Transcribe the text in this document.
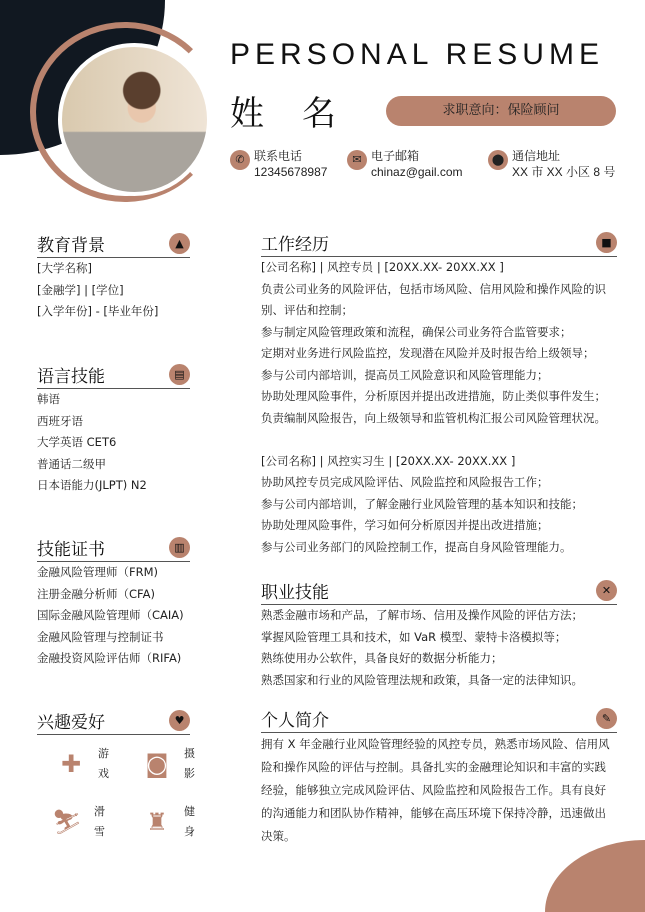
PERSONAL RESUME
姓名	求职意向：保险顾问
✆ 联系电话
12345678987
✉ 电子邮箱
chinaz@gail.com
⬤ 通信地址
XX 市 XX 小区 8 号
教育背景	▲
[大学名称]
[金融学] | [学位]
[入学年份] - [毕业年份]
语言技能	▤
韩语
西班牙语
大学英语 CET6
普通话二级甲
日本语能力(JLPT) N2
技能证书	▥
金融风险管理师（FRM)
注册金融分析师（CFA)
国际金融风险管理师（CAIA)
金融风险管理与控制证书
金融投资风险评估师（RIFA)
兴趣爱好	♥
✚	游戏	◙	摄影
⛷	滑雪	♜	健身
工作经历	■
[公司名称] | 风控专员 | [20XX.XX- 20XX.XX ]
负责公司业务的风险评估，包括市场风险、信用风险和操作风险的识
别、评估和控制；
参与制定风险管理政策和流程，确保公司业务符合监管要求；
定期对业务进行风险监控，发现潜在风险并及时报告给上级领导；
参与公司内部培训，提高员工风险意识和风险管理能力；
协助处理风险事件，分析原因并提出改进措施，防止类似事件发生；
负责编制风险报告，向上级领导和监管机构汇报公司风险管理状况。
[公司名称] | 风控实习生 | [20XX.XX- 20XX.XX ]
协助风控专员完成风险评估、风险监控和风险报告工作；
参与公司内部培训，了解金融行业风险管理的基本知识和技能；
协助处理风险事件，学习如何分析原因并提出改进措施；
参与公司业务部门的风险控制工作，提高自身风险管理能力。
职业技能	✕
熟悉金融市场和产品，了解市场、信用及操作风险的评估方法；
掌握风险管理工具和技术，如 VaR 模型、蒙特卡洛模拟等；
熟练使用办公软件，具备良好的数据分析能力；
熟悉国家和行业的风险管理法规和政策，具备一定的法律知识。
个人简介	✎
拥有 X 年金融行业风险管理经验的风控专员，熟悉市场风险、信用风
险和操作风险的评估与控制。具备扎实的金融理论知识和丰富的实践
经验，能够独立完成风险评估、风险监控和风险报告工作。具有良好
的沟通能力和团队协作精神，能够在高压环境下保持冷静，迅速做出
决策。
